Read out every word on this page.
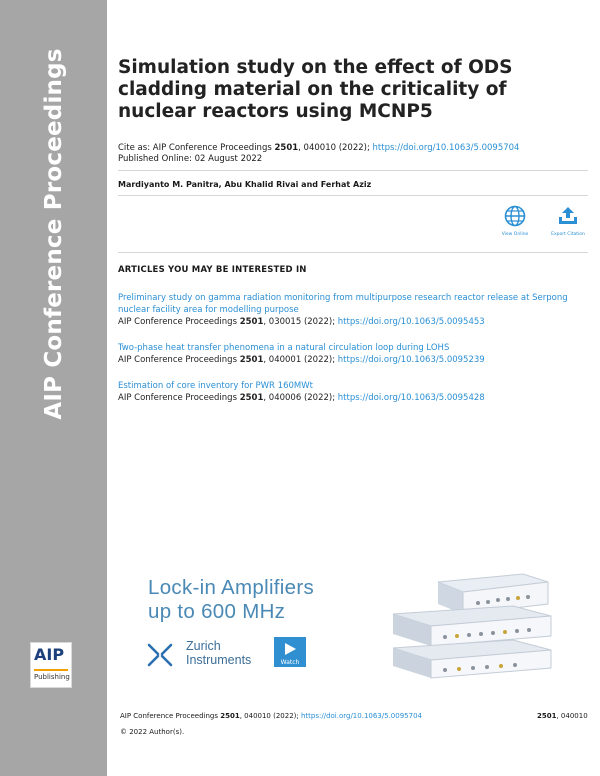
AIP Conference Proceedings
AIP
Publishing
Simulation study on the effect of ODS cladding material on the criticality of nuclear reactors using MCNP5
Cite as: AIP Conference Proceedings 2501, 040010 (2022); https://doi.org/10.1063/5.0095704
Published Online: 02 August 2022
Mardiyanto M. Panitra, Abu Khalid Rivai and Ferhat Aziz
View Online	Export Citation
ARTICLES YOU MAY BE INTERESTED IN
Preliminary study on gamma radiation monitoring from multipurpose research reactor release at Serpong nuclear facility area for modelling purpose
AIP Conference Proceedings 2501, 030015 (2022); https://doi.org/10.1063/5.0095453
Two-phase heat transfer phenomena in a natural circulation loop during LOHS
AIP Conference Proceedings 2501, 040001 (2022); https://doi.org/10.1063/5.0095239
Estimation of core inventory for PWR 160MWt
AIP Conference Proceedings 2501, 040006 (2022); https://doi.org/10.1063/5.0095428
Lock-in Amplifiers
up to 600 MHz
Zurich
Instruments	Watch
AIP Conference Proceedings 2501, 040010 (2022); https://doi.org/10.1063/5.0095704	2501, 040010
© 2022 Author(s).
